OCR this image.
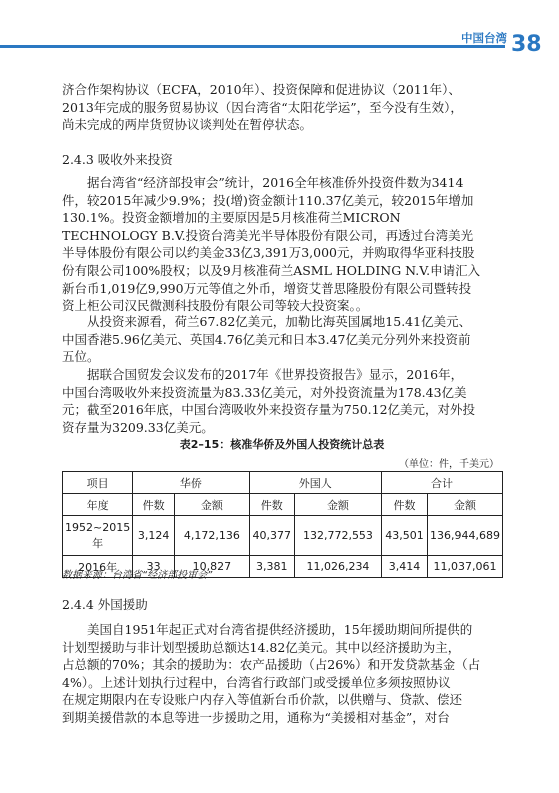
中国台湾 38
济合作架构协议（ECFA，2010年）、投资保障和促进协议（2011年）、
2013年完成的服务贸易协议（因台湾省“太阳花学运”，至今没有生效），
尚未完成的两岸货贸协议谈判处在暂停状态。
2.4.3 吸收外来投资
据台湾省“经济部投审会”统计，2016全年核准侨外投资件数为3414
件，较2015年减少9.9%；投(增)资金额计110.37亿美元，较2015年增加
130.1%。投资金额增加的主要原因是5月核准荷兰MICRON
TECHNOLOGY B.V.投资台湾美光半导体股份有限公司，再透过台湾美光
半导体股份有限公司以约美金33亿3,391万3,000元，并购取得华亚科技股
份有限公司100%股权；以及9月核准荷兰ASML HOLDING N.V.申请汇入
新台币1,019亿9,990万元等值之外币，增资艾普思隆股份有限公司暨转投
资上柜公司汉民微测科技股份有限公司等较大投资案。。
从投资来源看，荷兰67.82亿美元，加勒比海英国属地15.41亿美元、
中国香港5.96亿美元、英国4.76亿美元和日本3.47亿美元分列外来投资前
五位。
据联合国贸发会议发布的2017年《世界投资报告》显示，2016年，
中国台湾吸收外来投资流量为83.33亿美元，对外投资流量为178.43亿美
元；截至2016年底，中国台湾吸收外来投资存量为750.12亿美元，对外投
资存量为3209.33亿美元。
表2–15：核准华侨及外国人投资统计总表
（单位：件，千美元）
项目	华侨		外国人		合计	
年度	件数	金额	件数	金额	件数	金额
1952~2015年	3,124	4,172,136	40,377	132,772,553	43,501	136,944,689
2016年	33	10,827	3,381	11,026,234	3,414	11,037,061
数据来源：台湾省“经济部投审会”
2.4.4 外国援助
美国自1951年起正式对台湾省提供经济援助，15年援助期间所提供的
计划型援助与非计划型援助总额达14.82亿美元。其中以经济援助为主，
占总额的70%；其余的援助为：农产品援助（占26%）和开发贷款基金（占
4%）。上述计划执行过程中，台湾省行政部门或受援单位多须按照协议
在规定期限内在专设账户内存入等值新台币价款，以供赠与、贷款、偿还
到期美援借款的本息等进一步援助之用，通称为“美援相对基金”，对台
